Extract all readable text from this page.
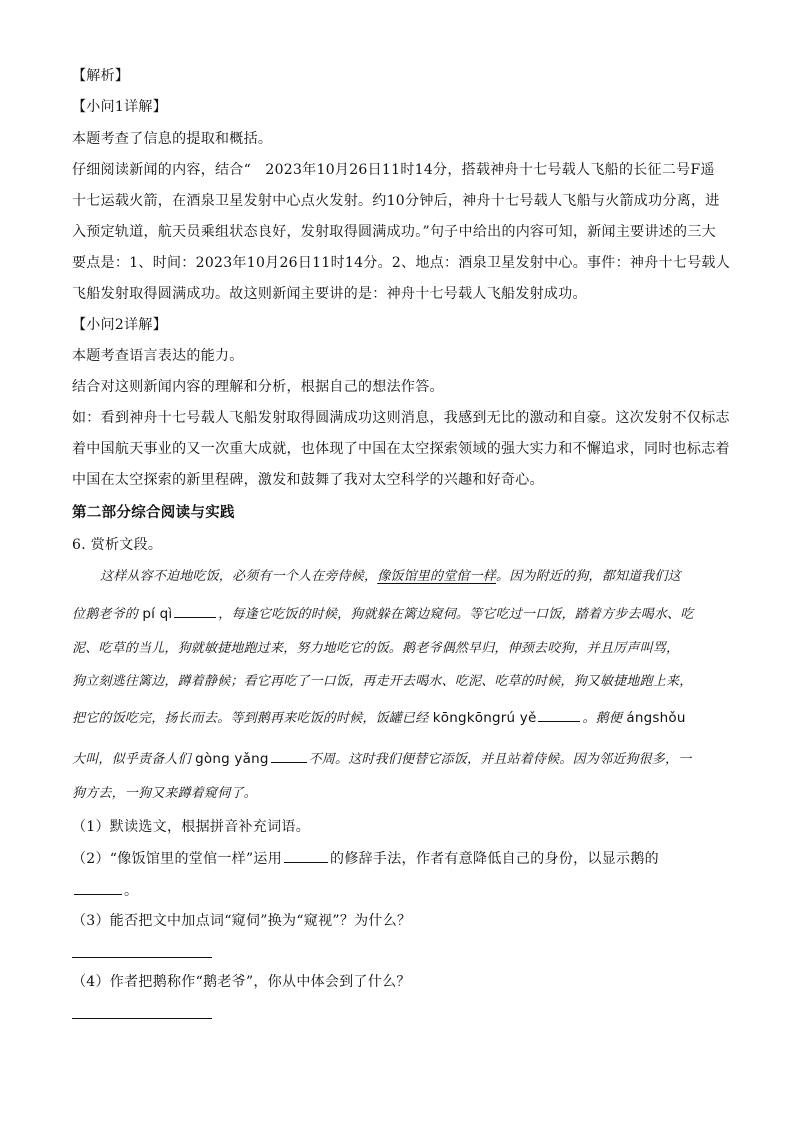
【解析】
【小问1详解】
本题考查了信息的提取和概括。
仔细阅读新闻的内容，结合“　2023年10月26日11时14分，搭载神舟十七号载人飞船的长征二号F遥
十七运载火箭，在酒泉卫星发射中心点火发射。约10分钟后，神舟十七号载人飞船与火箭成功分离，进
入预定轨道，航天员乘组状态良好，发射取得圆满成功。”句子中给出的内容可知，新闻主要讲述的三大
要点是：1、时间：2023年10月26日11时14分。2、地点：酒泉卫星发射中心。事件：神舟十七号载人
飞船发射取得圆满成功。故这则新闻主要讲的是：神舟十七号载人飞船发射成功。
【小问2详解】
本题考查语言表达的能力。
结合对这则新闻内容的理解和分析，根据自己的想法作答。
如：看到神舟十七号载人飞船发射取得圆满成功这则消息，我感到无比的激动和自豪。这次发射不仅标志
着中国航天事业的又一次重大成就，也体现了中国在太空探索领域的强大实力和不懈追求，同时也标志着
中国在太空探索的新里程碑，激发和鼓舞了我对太空科学的兴趣和好奇心。
第二部分综合阅读与实践
6. 赏析文段。
这样从容不迫地吃饭，必须有一个人在旁侍候，像饭馆里的堂倌一样。因为附近的狗，都知道我们这
位鹅老爷的 pí qì	，每逢它吃饭的时候，狗就躲在篱边窥伺。等它吃过一口饭，踏着方步去喝水、吃
泥、吃草的当儿，狗就敏捷地跑过来，努力地吃它的饭。鹅老爷偶然早归，伸颈去咬狗，并且厉声叫骂，
狗立刻逃往篱边，蹲着静候；看它再吃了一口饭，再走开去喝水、吃泥、吃草的时候，狗又敏捷地跑上来，
把它的饭吃完，扬长而去。等到鹅再来吃饭的时候，饭罐已经 kōngkōngrú yě	。鹅便 ángshǒu
大叫，似乎责备人们 gòng yǎng	不周。这时我们便替它添饭，并且站着侍候。因为邻近狗很多，一
狗方去，一狗又来蹲着窥伺了。
（1）默读选文，根据拼音补充词语。
（2）“像饭馆里的堂倌一样”运用	的修辞手法，作者有意降低自己的身份，以显示鹅的
。
（3）能否把文中加点词“窥伺”换为“窥视”？为什么？
（4）作者把鹅称作“鹅老爷”，你从中体会到了什么？
